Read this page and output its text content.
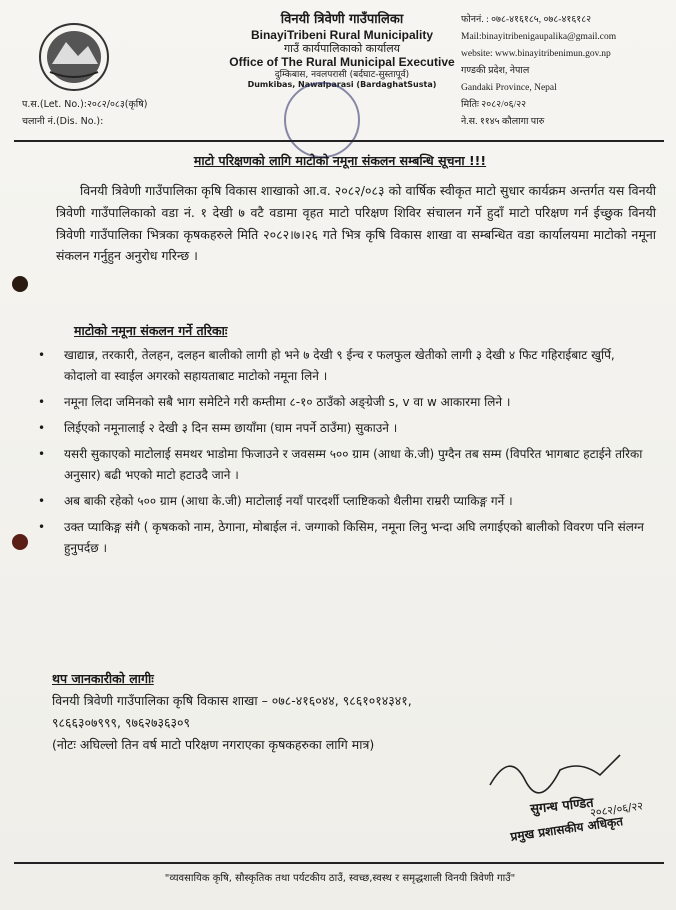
विनयी त्रिवेणी गाउँपालिका
BinayiTribeni Rural Municipality
गाउँ कार्यपालिकाको कार्यालय
Office of The Rural Municipal Executive
दुम्किबास, नवलपरासी (बर्दघाट-सुस्तापूर्व)
Dumkibas, Nawalparasi (BardaghatSusta)
फोननं. : ०७८-४१६१८५, ०७८-४१६१८२
Mail:binayitribenigaupalika@gmail.com
website: www.binayitribenimun.gov.np
गण्डकी प्रदेश, नेपाल
Gandaki Province, Nepal
मितिः २०८२/०६/२२
ने.स. ११४५ कौलागा पारु
प.स.(Let. No.):२०८२/०८३(कृषि)
चलानी नं.(Dis. No.):
माटो परिक्षणको लागि माटोको नमूना संकलन सम्बन्धि सूचना !!!
विनयी त्रिवेणी गाउँपालिका कृषि विकास शाखाको आ.व. २०८२/०८३ को वार्षिक स्वीकृत माटो सुधार कार्यक्रम अन्तर्गत यस विनयी त्रिवेणी गाउँपालिकाको वडा नं. १ देखी ७ वटै वडामा वृहत माटो परिक्षण शिविर संचालन गर्ने हुदाँ माटो परिक्षण गर्न ईच्छुक विनयी त्रिवेणी गाउँपालिका भित्रका कृषकहरुले मिति २०८२।७।२६ गते भित्र कृषि विकास शाखा वा सम्बन्धित वडा कार्यालयमा माटोको नमूना संकलन गर्नुहुन अनुरोध गरिन्छ ।
माटोको नमूना संकलन गर्ने तरिकाः
• खाद्यान्न, तरकारी, तेलहन, दलहन बालीको लागी हो भने ७ देखी ९ ईन्च र फलफुल खेतीको लागी ३ देखी ४ फिट गहिराईबाट खुर्पि, कोदालो वा स्वाईल अगरको सहायताबाट माटोको नमूना लिने ।
• नमूना लिदा जमिनको सबै भाग समेटिने गरी कम्तीमा ८-१० ठाउँको अङ्ग्रेजी s, v वा w आकारमा लिने ।
• लिईएको नमूनालाई २ देखी ३ दिन सम्म छायाँमा (घाम नपर्ने ठाउँमा) सुकाउने ।
• यसरी सुकाएको माटोलाई समथर भाडोमा फिजाउने र जवसम्म ५०० ग्राम (आधा के.जी) पुग्दैन तब सम्म (विपरित भागबाट हटाईने तरिका अनुसार) बढी भएको माटो हटाउदै जाने ।
• अब बाकी रहेको ५०० ग्राम (आधा के.जी) माटोलाई नयाँ पारदर्शी प्लाष्टिकको थैलीमा राम्ररी प्याकिङ्ग गर्ने ।
• उक्त प्याकिङ्ग संगै ( कृषकको नाम, ठेगाना, मोबाईल नं. जग्गाको किसिम, नमूना लिनु भन्दा अघि लगाईएको बालीको विवरण पनि संलग्न हुनुपर्दछ ।
थप जानकारीको लागीः
विनयी त्रिवेणी गाउँपालिका कृषि विकास शाखा – ०७८-४१६०४४, ९८६१०१४३४१,
९८६६३०७९९९, ९७६२७३६३०९
(नोटः अघिल्लो तिन वर्ष माटो परिक्षण नगराएका कृषकहरुका लागि मात्र)
२०८२/०६/२२
सुगन्ध पण्डित
प्रमुख प्रशासकीय अधिकृत
"व्यवसायिक कृषि, सौस्कृतिक तथा पर्यटकीय ठाउँ, स्वच्छ,स्वस्थ र समृद्धशाली विनयी त्रिवेणी गाउँ"
